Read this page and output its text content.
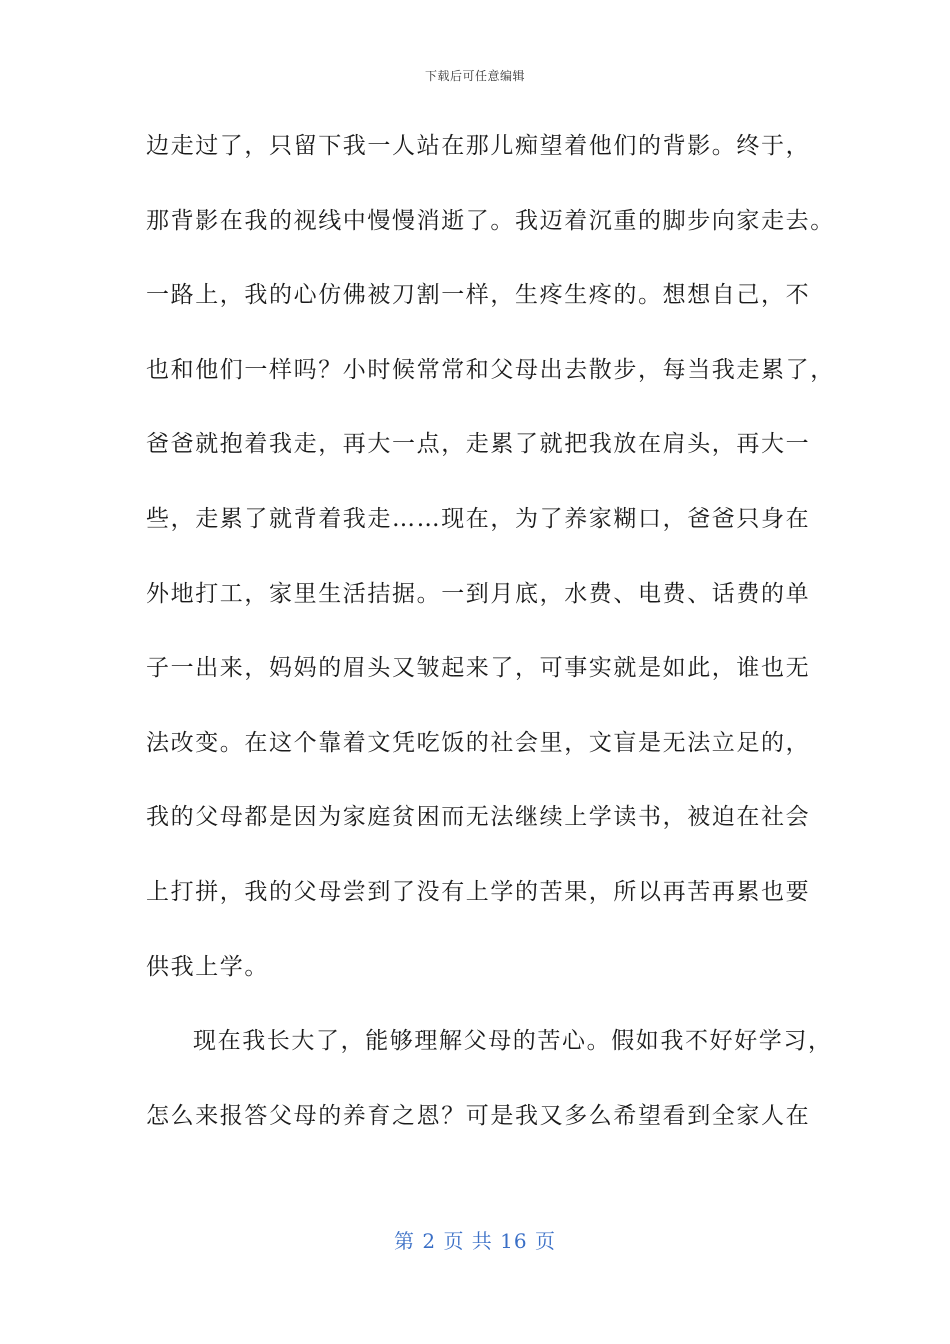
下载后可任意编辑
边走过了，只留下我一人站在那儿痴望着他们的背影。终于，
那背影在我的视线中慢慢消逝了。我迈着沉重的脚步向家走去。
一路上，我的心仿佛被刀割一样，生疼生疼的。想想自己，不
也和他们一样吗？小时候常常和父母出去散步，每当我走累了，
爸爸就抱着我走，再大一点，走累了就把我放在肩头，再大一
些，走累了就背着我走……现在，为了养家糊口，爸爸只身在
外地打工，家里生活拮据。一到月底，水费、电费、话费的单
子一出来，妈妈的眉头又皱起来了，可事实就是如此，谁也无
法改变。在这个靠着文凭吃饭的社会里，文盲是无法立足的，
我的父母都是因为家庭贫困而无法继续上学读书，被迫在社会
上打拼，我的父母尝到了没有上学的苦果，所以再苦再累也要
供我上学。
现在我长大了，能够理解父母的苦心。假如我不好好学习，
怎么来报答父母的养育之恩？可是我又多么希望看到全家人在
第 2 页 共 16 页
